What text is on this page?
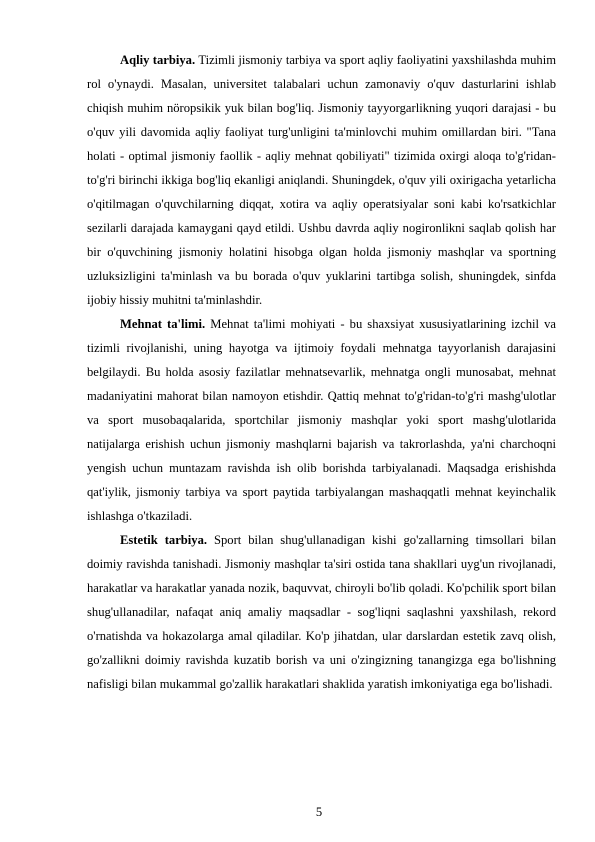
Aqliy tarbiya. Tizimli jismoniy tarbiya va sport aqliy faoliyatini yaxshilashda muhim rol o'ynaydi. Masalan, universitet talabalari uchun zamonaviy o'quv dasturlarini ishlab chiqish muhim nöropsikik yuk bilan bog'liq. Jismoniy tayyorgarlikning yuqori darajasi - bu o'quv yili davomida aqliy faoliyat turg'unligini ta'minlovchi muhim omillardan biri. "Tana holati - optimal jismoniy faollik - aqliy mehnat qobiliyati" tizimida oxirgi aloqa to'g'ridan-to'g'ri birinchi ikkiga bog'liq ekanligi aniqlandi. Shuningdek, o'quv yili oxirigacha yetarlicha o'qitilmagan o'quvchilarning diqqat, xotira va aqliy operatsiyalar soni kabi ko'rsatkichlar sezilarli darajada kamaygani qayd etildi. Ushbu davrda aqliy nogironlikni saqlab qolish har bir o'quvchining jismoniy holatini hisobga olgan holda jismoniy mashqlar va sportning uzluksizligini ta'minlash va bu borada o'quv yuklarini tartibga solish, shuningdek, sinfda ijobiy hissiy muhitni ta'minlashdir.

Mehnat ta'limi. Mehnat ta'limi mohiyati - bu shaxsiyat xususiyatlarining izchil va tizimli rivojlanishi, uning hayotga va ijtimoiy foydali mehnatga tayyorlanish darajasini belgilaydi. Bu holda asosiy fazilatlar mehnatsevarlik, mehnatga ongli munosabat, mehnat madaniyatini mahorat bilan namoyon etishdir. Qattiq mehnat to'g'ridan-to'g'ri mashg'ulotlar va sport musobaqalarida, sportchilar jismoniy mashqlar yoki sport mashg'ulotlarida natijalarga erishish uchun jismoniy mashqlarni bajarish va takrorlashda, ya'ni charchoqni yengish uchun muntazam ravishda ish olib borishda tarbiyalanadi. Maqsadga erishishda qat'iylik, jismoniy tarbiya va sport paytida tarbiyalangan mashaqqatli mehnat keyinchalik ishlashga o'tkaziladi.

Estetik tarbiya. Sport bilan shug'ullanadigan kishi go'zallarning timsollari bilan doimiy ravishda tanishadi. Jismoniy mashqlar ta'siri ostida tana shakllari uyg'un rivojlanadi, harakatlar va harakatlar yanada nozik, baquvvat, chiroyli bo'lib qoladi. Ko'pchilik sport bilan shug'ullanadilar, nafaqat aniq amaliy maqsadlar - sog'liqni saqlashni yaxshilash, rekord o'rnatishda va hokazolarga amal qiladilar. Ko'p jihatdan, ular darslardan estetik zavq olish, go'zallikni doimiy ravishda kuzatib borish va uni o'zingizning tanangizga ega bo'lishning nafisligi bilan mukammal go'zallik harakatlari shaklida yaratish imkoniyatiga ega bo'lishadi.

5
